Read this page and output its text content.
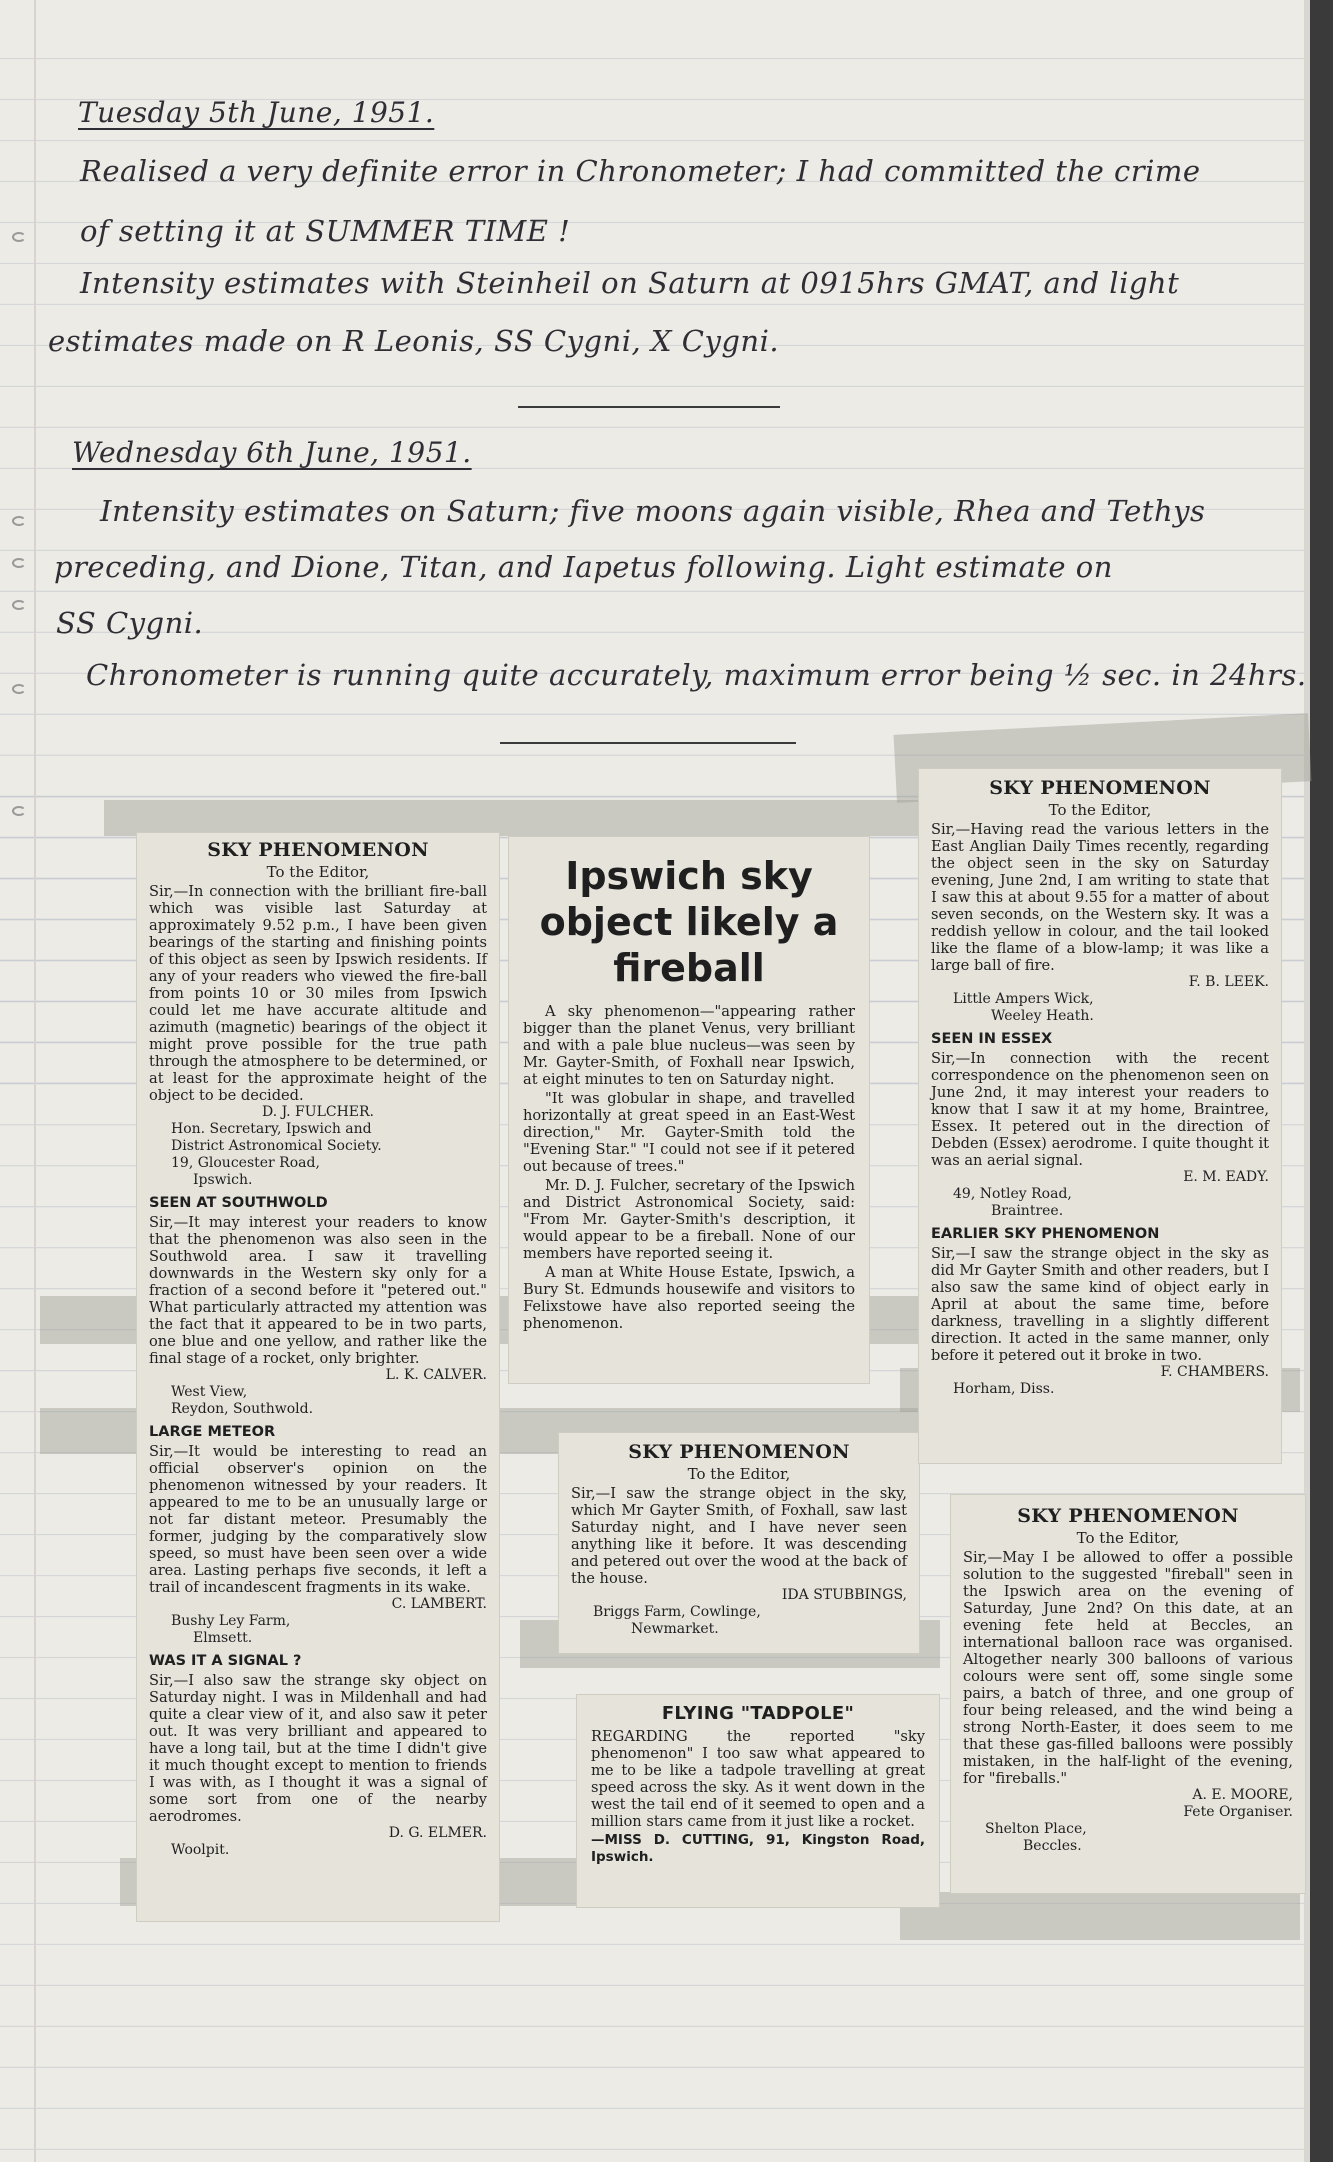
Tuesday 5th June, 1951.
Realised a very definite error in Chronometer; I had committed the crime
of setting it at SUMMER TIME !
Intensity estimates with Steinheil on Saturn at 0915hrs GMAT, and light
estimates made on R Leonis, SS Cygni, X Cygni.
Wednesday 6th June, 1951.
Intensity estimates on Saturn; five moons again visible, Rhea and Tethys
preceding, and Dione, Titan, and Iapetus following. Light estimate on
SS Cygni.
Chronometer is running quite accurately, maximum error being ½ sec. in 24hrs.
SKY PHENOMENON
To the Editor,
Sir,—In connection with the brilliant fire-ball which was visible last Saturday at approximately 9.52 p.m., I have been given bearings of the starting and finishing points of this object as seen by Ipswich residents. If any of your readers who viewed the fire-ball from points 10 or 30 miles from Ipswich could let me have accurate altitude and azimuth (magnetic) bearings of the object it might prove possible for the true path through the atmosphere to be determined, or at least for the approximate height of the object to be decided.
D. J. FULCHER.
Hon. Secretary, Ipswich and
District Astronomical Society.
19, Gloucester Road,
Ipswich.
SEEN AT SOUTHWOLD
Sir,—It may interest your readers to know that the phenomenon was also seen in the Southwold area. I saw it travelling downwards in the Western sky only for a fraction of a second before it "petered out." What particularly attracted my attention was the fact that it appeared to be in two parts, one blue and one yellow, and rather like the final stage of a rocket, only brighter.
L. K. CALVER.
West View,
Reydon, Southwold.
LARGE METEOR
Sir,—It would be interesting to read an official observer's opinion on the phenomenon witnessed by your readers. It appeared to me to be an unusually large or not far distant meteor. Presumably the former, judging by the comparatively slow speed, so must have been seen over a wide area. Lasting perhaps five seconds, it left a trail of incandescent fragments in its wake.
C. LAMBERT.
Bushy Ley Farm,
Elmsett.
WAS IT A SIGNAL ?
Sir,—I also saw the strange sky object on Saturday night. I was in Mildenhall and had quite a clear view of it, and also saw it peter out. It was very brilliant and appeared to have a long tail, but at the time I didn't give it much thought except to mention to friends I was with, as I thought it was a signal of some sort from one of the nearby aerodromes.
D. G. ELMER.
Woolpit.
Ipswich sky object likely a fireball
A sky phenomenon—"appearing rather bigger than the planet Venus, very brilliant and with a pale blue nucleus—was seen by Mr. Gayter-Smith, of Foxhall near Ipswich, at eight minutes to ten on Saturday night.
"It was globular in shape, and travelled horizontally at great speed in an East-West direction," Mr. Gayter-Smith told the "Evening Star." "I could not see if it petered out because of trees."
Mr. D. J. Fulcher, secretary of the Ipswich and District Astronomical Society, said: "From Mr. Gayter-Smith's description, it would appear to be a fireball. None of our members have reported seeing it.
A man at White House Estate, Ipswich, a Bury St. Edmunds housewife and visitors to Felixstowe have also reported seeing the phenomenon.
SKY PHENOMENON
To the Editor,
Sir,—I saw the strange object in the sky, which Mr Gayter Smith, of Foxhall, saw last Saturday night, and I have never seen anything like it before. It was descending and petered out over the wood at the back of the house.
IDA STUBBINGS,
Briggs Farm, Cowlinge,
Newmarket.
FLYING "TADPOLE"
REGARDING the reported "sky phenomenon" I too saw what appeared to me to be like a tadpole travelling at great speed across the sky. As it went down in the west the tail end of it seemed to open and a million stars came from it just like a rocket.
—MISS D. CUTTING, 91, Kingston Road, Ipswich.
SKY PHENOMENON
To the Editor,
Sir,—Having read the various letters in the East Anglian Daily Times recently, regarding the object seen in the sky on Saturday evening, June 2nd, I am writing to state that I saw this at about 9.55 for a matter of about seven seconds, on the Western sky. It was a reddish yellow in colour, and the tail looked like the flame of a blow-lamp; it was like a large ball of fire.
F. B. LEEK.
Little Ampers Wick,
Weeley Heath.
SEEN IN ESSEX
Sir,—In connection with the recent correspondence on the phenomenon seen on June 2nd, it may interest your readers to know that I saw it at my home, Braintree, Essex. It petered out in the direction of Debden (Essex) aerodrome. I quite thought it was an aerial signal.
E. M. EADY.
49, Notley Road,
Braintree.
EARLIER SKY PHENOMENON
Sir,—I saw the strange object in the sky as did Mr Gayter Smith and other readers, but I also saw the same kind of object early in April at about the same time, before darkness, travelling in a slightly different direction. It acted in the same manner, only before it petered out it broke in two.
F. CHAMBERS.
Horham, Diss.
SKY PHENOMENON
To the Editor,
Sir,—May I be allowed to offer a possible solution to the suggested "fireball" seen in the Ipswich area on the evening of Saturday, June 2nd? On this date, at an evening fete held at Beccles, an international balloon race was organised. Altogether nearly 300 balloons of various colours were sent off, some single some pairs, a batch of three, and one group of four being released, and the wind being a strong North-Easter, it does seem to me that these gas-filled balloons were possibly mistaken, in the half-light of the evening, for "fireballs."
A. E. MOORE,
Fete Organiser.
Shelton Place,
Beccles.
